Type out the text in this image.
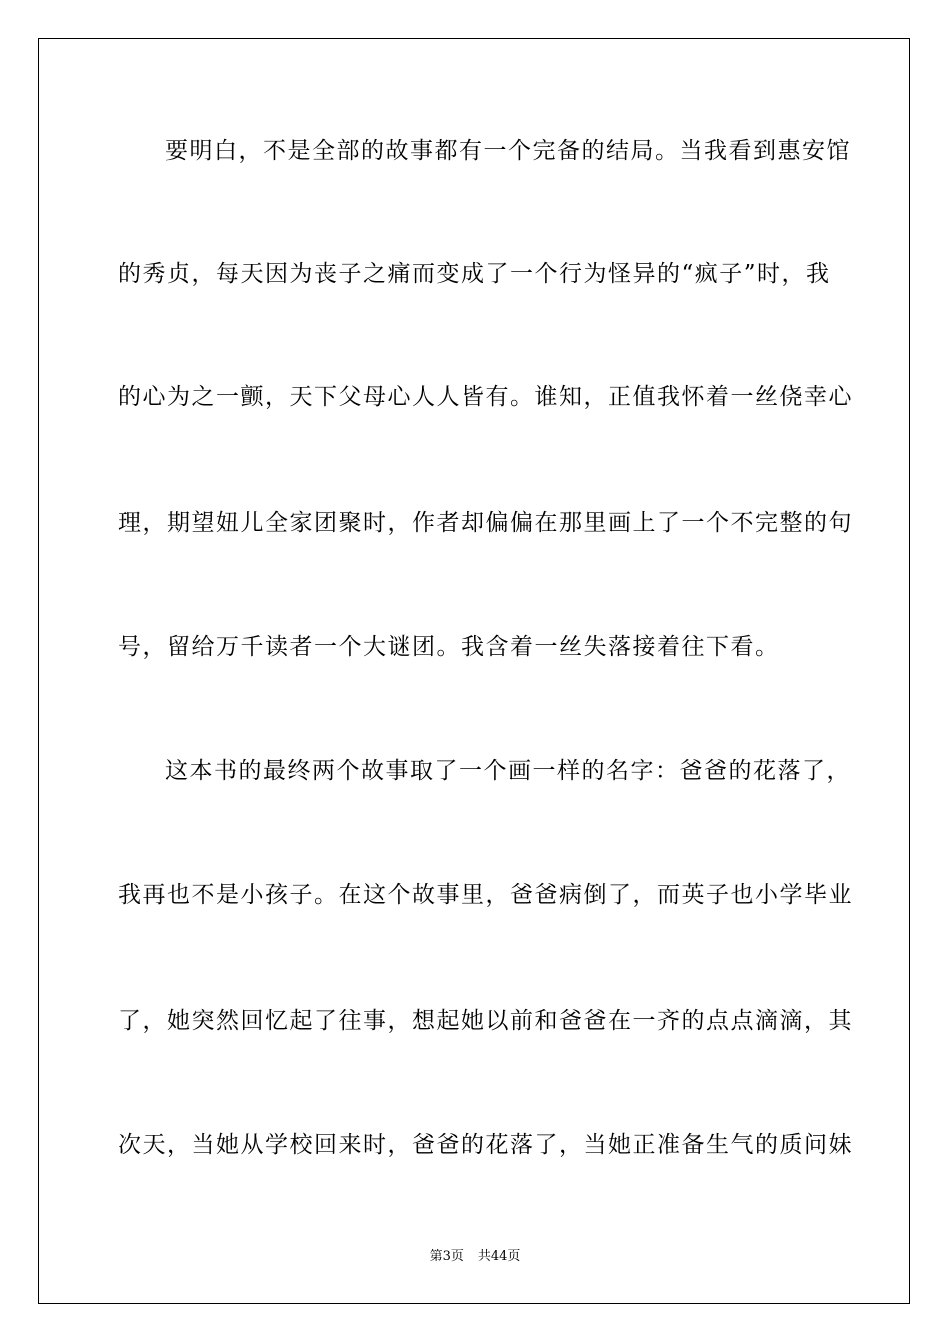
要明白，不是全部的故事都有一个完备的结局。当我看到惠安馆
的秀贞，每天因为丧子之痛而变成了一个行为怪异的“疯子”时，我
的心为之一颤，天下父母心人人皆有。谁知，正值我怀着一丝侥幸心
理，期望妞儿全家团聚时，作者却偏偏在那里画上了一个不完整的句
号，留给万千读者一个大谜团。我含着一丝失落接着往下看。
这本书的最终两个故事取了一个画一样的名字：爸爸的花落了，
我再也不是小孩子。在这个故事里，爸爸病倒了，而英子也小学毕业
了，她突然回忆起了往事，想起她以前和爸爸在一齐的点点滴滴，其
次天，当她从学校回来时，爸爸的花落了，当她正准备生气的质问妹
第3页 共44页
